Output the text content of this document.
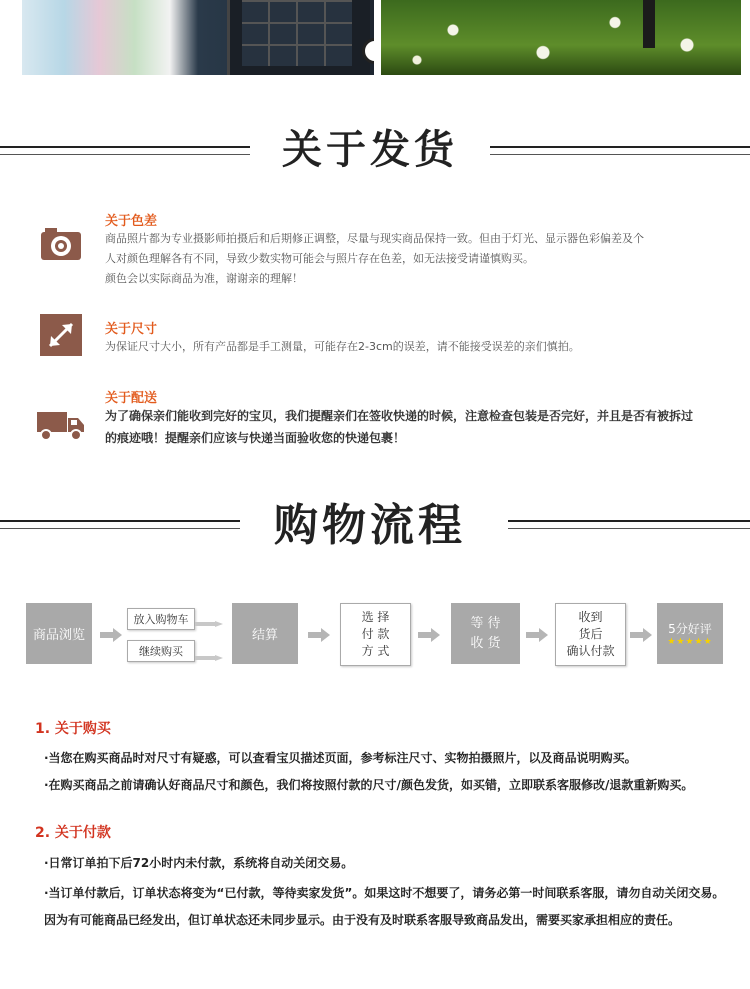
关于发货
关于色差
商品照片都为专业摄影师拍摄后和后期修正调整，尽量与现实商品保持一致。但由于灯光、显示器色彩偏差及个
人对颜色理解各有不同，导致少数实物可能会与照片存在色差，如无法接受请谨慎购买。
颜色会以实际商品为准，谢谢亲的理解！
关于尺寸
为保证尺寸大小，所有产品都是手工测量，可能存在2-3cm的误差，请不能接受误差的亲们慎拍。
关于配送
为了确保亲们能收到完好的宝贝，我们提醒亲们在签收快递的时候，注意检查包装是否完好，并且是否有被拆过
的痕迹哦！提醒亲们应该与快递当面验收您的快递包裹！
购物流程
商品浏览
放入购物车
继续购买
结算
选 择
付 款
方 式
等 待
收 货
收到
货后
确认付款
5分好评
★★★★★
1. 关于购买
·当您在购买商品时对尺寸有疑惑，可以查看宝贝描述页面，参考标注尺寸、实物拍摄照片，以及商品说明购买。
·在购买商品之前请确认好商品尺寸和颜色，我们将按照付款的尺寸/颜色发货，如买错，立即联系客服修改/退款重新购买。
2. 关于付款
·日常订单拍下后72小时内未付款，系统将自动关闭交易。
·当订单付款后，订单状态将变为“已付款，等待卖家发货”。如果这时不想要了，请务必第一时间联系客服，请勿自动关闭交易。因为有可能商品已经发出，但订单状态还未同步显示。由于没有及时联系客服导致商品发出，需要买家承担相应的责任。
